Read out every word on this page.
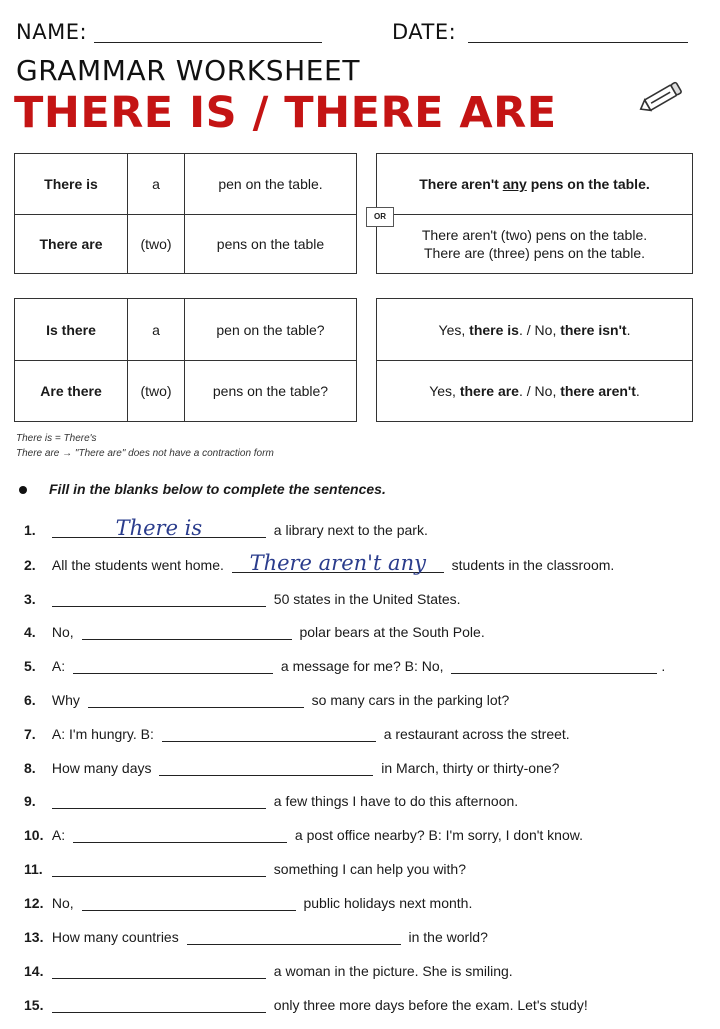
NAME:	DATE:
GRAMMAR WORKSHEET
THERE IS / THERE ARE
There is	a	pen on the table.
There are	(two)	pens on the table
There aren't any pens on the table.

There aren't (two) pens on the table.
There are (three) pens on the table.
OR
Is there	a	pen on the table?
Are there	(two)	pens on the table?
Yes, there is. / No, there isn't.
Yes, there are. / No, there aren't.
There is = There's
There are → "There are" does not have a contraction form
Fill in the blanks below to complete the sentences.
1.	There is	a library next to the park.
2. All the students went home.	There aren't any	students in the classroom.
3.	50 states in the United States.
4. No,	polar bears at the South Pole.
5. A:	a message for me? B: No,	.
6. Why	so many cars in the parking lot?
7. A: I'm hungry. B:	a restaurant across the street.
8. How many days	in March, thirty or thirty-one?
9.	a few things I have to do this afternoon.
10. A:	a post office nearby? B: I'm sorry, I don't know.
11.	something I can help you with?
12. No,	public holidays next month.
13. How many countries	in the world?
14.	a woman in the picture. She is smiling.
15.	only three more days before the exam. Let's study!
